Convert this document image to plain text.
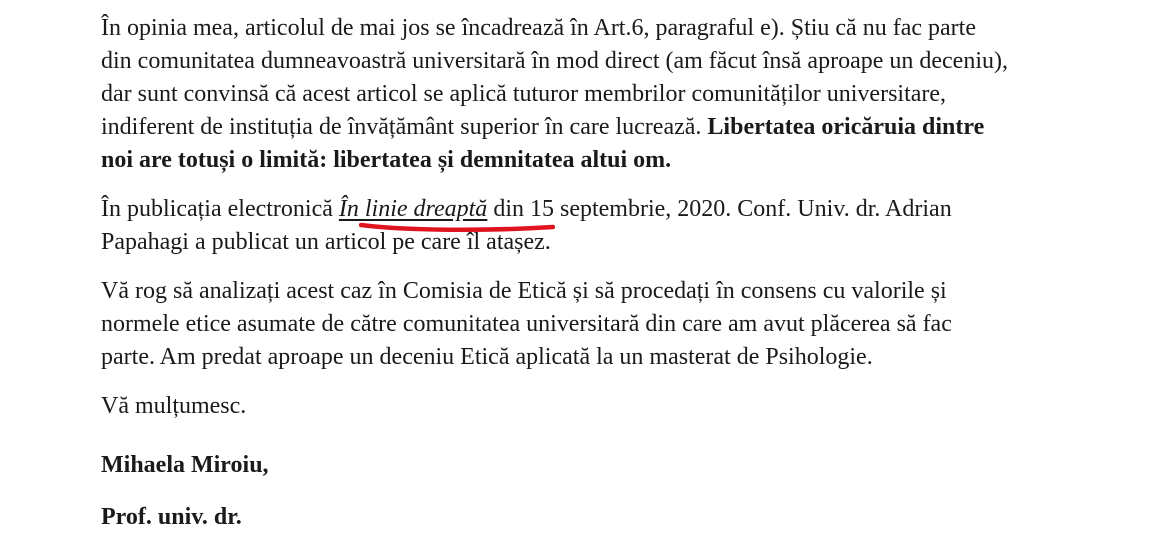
În opinia mea, articolul de mai jos se încadrează în Art.6, paragraful e). Știu că nu fac parte
din comunitatea dumneavoastră universitară în mod direct (am făcut însă aproape un deceniu),
dar sunt convinsă că acest articol se aplică tuturor membrilor comunităților universitare,
indiferent de instituția de învățământ superior în care lucrează. Libertatea oricăruia dintre
noi are totuși o limită: libertatea și demnitatea altui om.

În publicația electronică În linie dreaptă din 15 septembrie, 2020. Conf. Univ. dr. Adrian
Papahagi a publicat un articol pe care îl atașez.

Vă rog să analizați acest caz în Comisia de Etică și să procedați în consens cu valorile și
normele etice asumate de către comunitatea universitară din care am avut plăcerea să fac
parte. Am predat aproape un deceniu Etică aplicată la un masterat de Psihologie.

Vă mulțumesc.

Mihaela Miroiu,

Prof. univ. dr.
